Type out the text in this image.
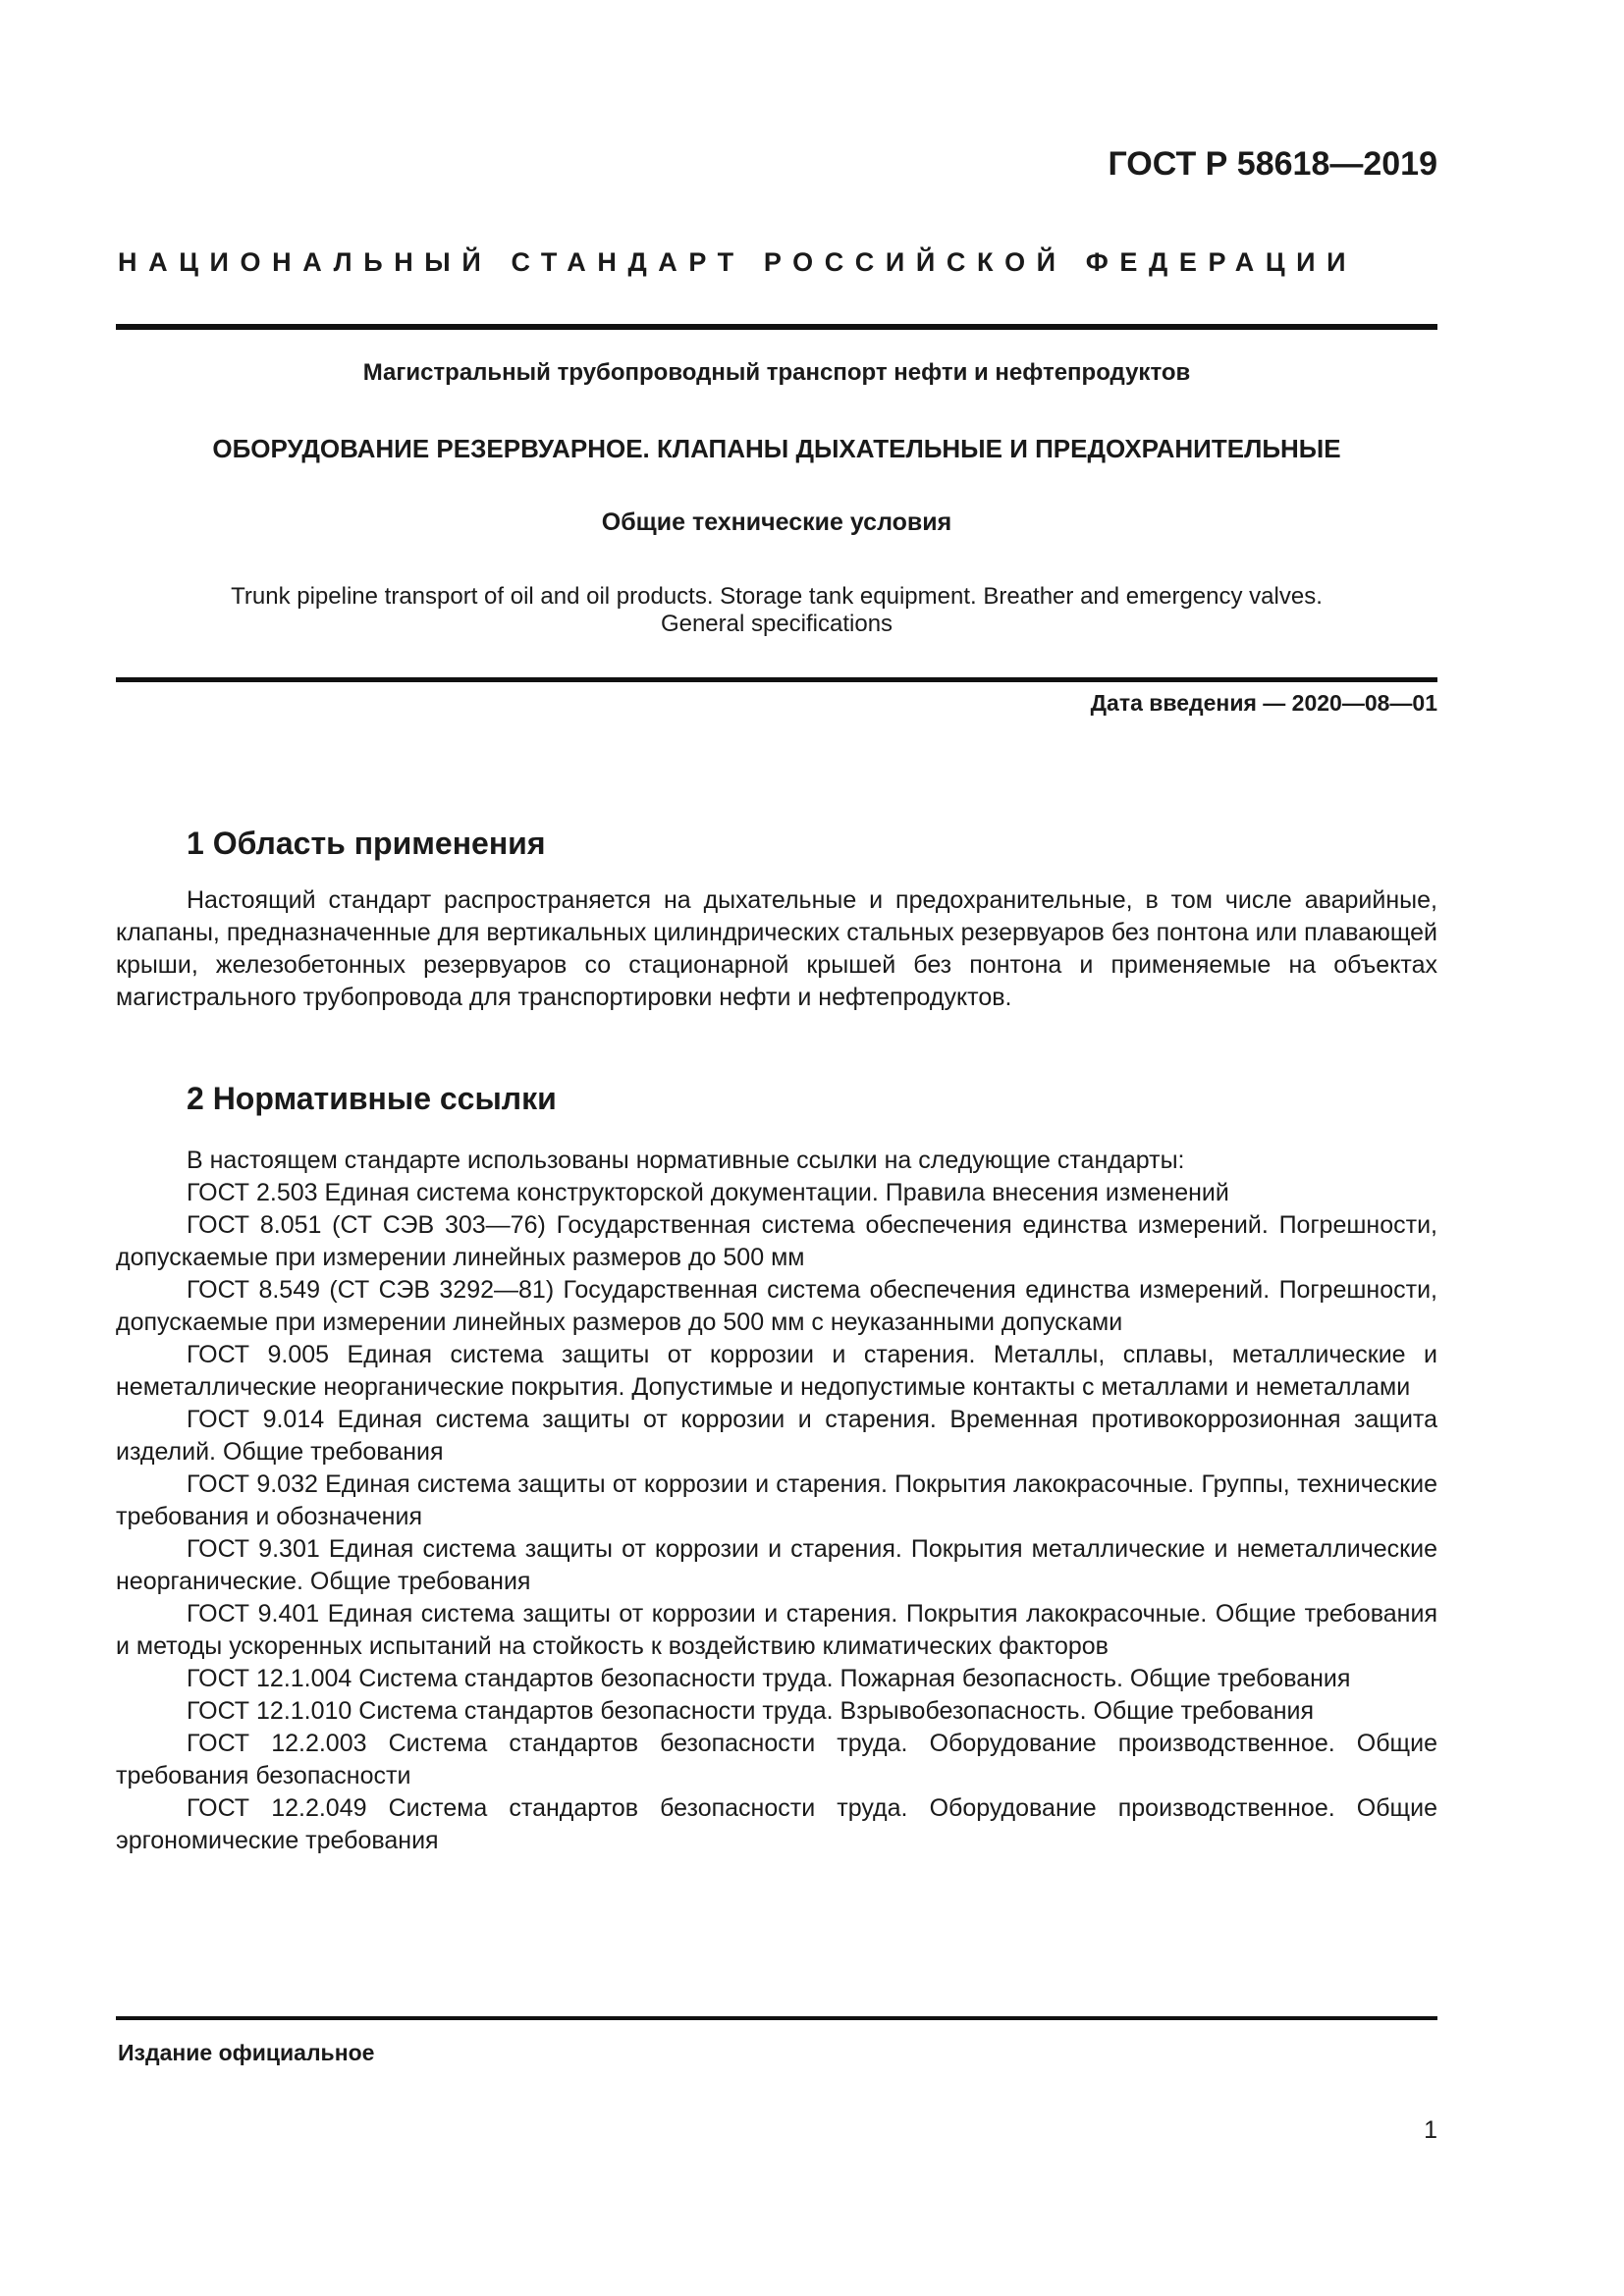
ГОСТ Р 58618—2019
НАЦИОНАЛЬНЫЙ СТАНДАРТ РОССИЙСКОЙ ФЕДЕРАЦИИ
Магистральный трубопроводный транспорт нефти и нефтепродуктов
ОБОРУДОВАНИЕ РЕЗЕРВУАРНОЕ. КЛАПАНЫ ДЫХАТЕЛЬНЫЕ И ПРЕДОХРАНИТЕЛЬНЫЕ
Общие технические условия
Trunk pipeline transport of oil and oil products. Storage tank equipment. Breather and emergency valves.
General specifications
Дата введения — 2020—08—01
1 Область применения

Настоящий стандарт распространяется на дыхательные и предохранительные, в том числе аварийные, клапаны, предназначенные для вертикальных цилиндрических стальных резервуаров без понтона или плавающей крыши, железобетонных резервуаров со стационарной крышей без понтона и применяемые на объектах магистрального трубопровода для транспортировки нефти и нефтепродуктов.

2 Нормативные ссылки

В настоящем стандарте использованы нормативные ссылки на следующие стандарты:

ГОСТ 2.503 Единая система конструкторской документации. Правила внесения изменений

ГОСТ 8.051 (СТ СЭВ 303—76) Государственная система обеспечения единства измерений. Погрешности, допускаемые при измерении линейных размеров до 500 мм

ГОСТ 8.549 (СТ СЭВ 3292—81) Государственная система обеспечения единства измерений. Погрешности, допускаемые при измерении линейных размеров до 500 мм с неуказанными допусками

ГОСТ 9.005 Единая система защиты от коррозии и старения. Металлы, сплавы, металлические и неметаллические неорганические покрытия. Допустимые и недопустимые контакты с металлами и неметаллами

ГОСТ 9.014 Единая система защиты от коррозии и старения. Временная противокоррозионная защита изделий. Общие требования

ГОСТ 9.032 Единая система защиты от коррозии и старения. Покрытия лакокрасочные. Группы, технические требования и обозначения

ГОСТ 9.301 Единая система защиты от коррозии и старения. Покрытия металлические и неметаллические неорганические. Общие требования

ГОСТ 9.401 Единая система защиты от коррозии и старения. Покрытия лакокрасочные. Общие требования и методы ускоренных испытаний на стойкость к воздействию климатических факторов

ГОСТ 12.1.004 Система стандартов безопасности труда. Пожарная безопасность. Общие требования

ГОСТ 12.1.010 Система стандартов безопасности труда. Взрывобезопасность. Общие требования

ГОСТ 12.2.003 Система стандартов безопасности труда. Оборудование производственное. Общие требования безопасности

ГОСТ 12.2.049 Система стандартов безопасности труда. Оборудование производственное. Общие эргономические требования

Издание официальное
1
